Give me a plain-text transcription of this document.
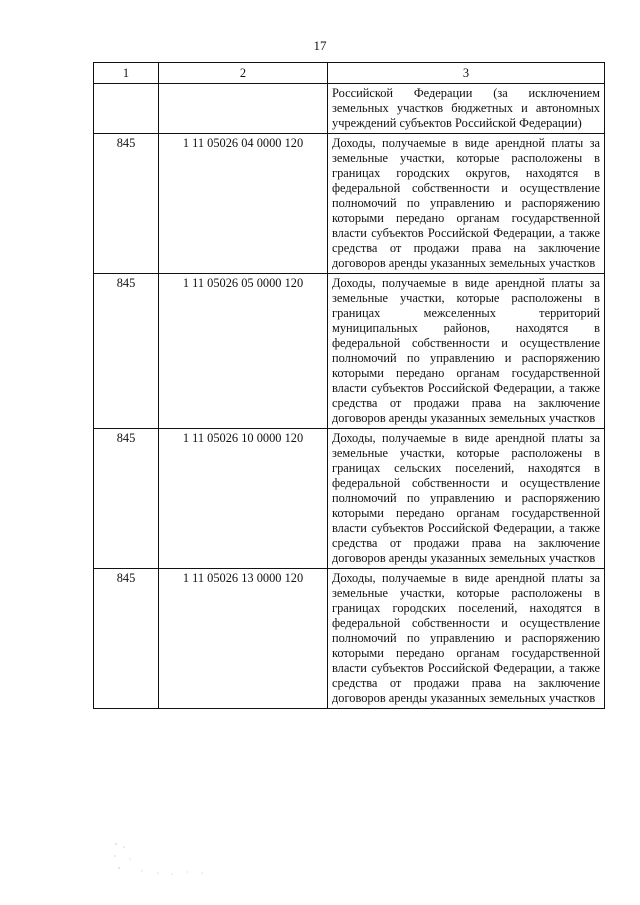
17
1	2	3
		Российской Федерации (за исключением земельных участков бюджетных и автономных учреждений субъектов Российской Федерации)
845	1 11 05026 04 0000 120	Доходы, получаемые в виде арендной платы за земельные участки, которые расположены в границах городских округов, находятся в федеральной собственности и осуществление полномочий по управлению и распоряжению которыми передано органам государственной власти субъектов Российской Федерации, а также средства от продажи права на заключение договоров аренды указанных земельных участков
845	1 11 05026 05 0000 120	Доходы, получаемые в виде арендной платы за земельные участки, которые расположены в границах межселенных территорий муниципальных районов, находятся в федеральной собственности и осуществление полномочий по управлению и распоряжению которыми передано органам государственной власти субъектов Российской Федерации, а также средства от продажи права на заключение договоров аренды указанных земельных участков
845	1 11 05026 10 0000 120	Доходы, получаемые в виде арендной платы за земельные участки, которые расположены в границах сельских поселений, находятся в федеральной собственности и осуществление полномочий по управлению и распоряжению которыми передано органам государственной власти субъектов Российской Федерации, а также средства от продажи права на заключение договоров аренды указанных земельных участков
845	1 11 05026 13 0000 120	Доходы, получаемые в виде арендной платы за земельные участки, которые расположены в границах городских поселений, находятся в федеральной собственности и осуществление полномочий по управлению и распоряжению которыми передано органам государственной власти субъектов Российской Федерации, а также средства от продажи права на заключение договоров аренды указанных земельных участков
